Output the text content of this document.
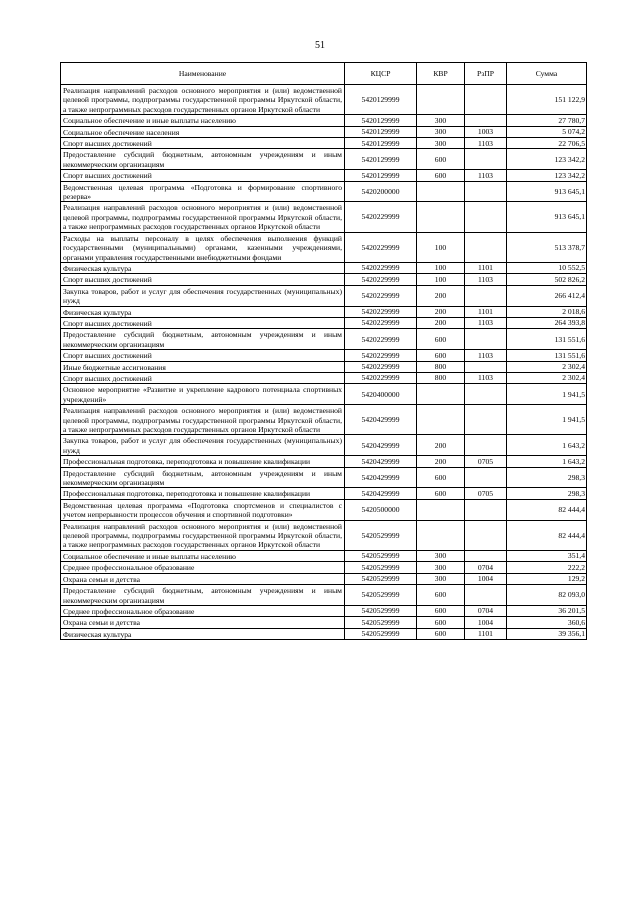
51
Наименование	КЦСР	КВР	РзПР	Сумма
Реализация направлений расходов основного мероприятия и (или) ведомственной целевой программы, подпрограммы государственной программы Иркутской области, а также непрограммных расходов государственных органов Иркутской области	5420129999			151 122,9
Социальное обеспечение и иные выплаты населению	5420129999	300		27 780,7
Социальное обеспечение населения	5420129999	300	1003	5 074,2
Спорт высших достижений	5420129999	300	1103	22 706,5
Предоставление субсидий бюджетным, автономным учреждениям и иным некоммерческим организациям	5420129999	600		123 342,2
Спорт высших достижений	5420129999	600	1103	123 342,2
Ведомственная целевая программа «Подготовка и формирование спортивного резерва»	5420200000			913 645,1
Реализация направлений расходов основного мероприятия и (или) ведомственной целевой программы, подпрограммы государственной программы Иркутской области, а также непрограммных расходов государственных органов Иркутской области	5420229999			913 645,1
Расходы на выплаты персоналу в целях обеспечения выполнения функций государственными (муниципальными) органами, казенными учреждениями, органами управления государственными внебюджетными фондами	5420229999	100		513 378,7
Физическая культура	5420229999	100	1101	10 552,5
Спорт высших достижений	5420229999	100	1103	502 826,2
Закупка товаров, работ и услуг для обеспечения государственных (муниципальных) нужд	5420229999	200		266 412,4
Физическая культура	5420229999	200	1101	2 018,6
Спорт высших достижений	5420229999	200	1103	264 393,8
Предоставление субсидий бюджетным, автономным учреждениям и иным некоммерческим организациям	5420229999	600		131 551,6
Спорт высших достижений	5420229999	600	1103	131 551,6
Иные бюджетные ассигнования	5420229999	800		2 302,4
Спорт высших достижений	5420229999	800	1103	2 302,4
Основное мероприятие «Развитие и укрепление кадрового потенциала спортивных учреждений»	5420400000			1 941,5
Реализация направлений расходов основного мероприятия и (или) ведомственной целевой программы, подпрограммы государственной программы Иркутской области, а также непрограммных расходов государственных органов Иркутской области	5420429999			1 941,5
Закупка товаров, работ и услуг для обеспечения государственных (муниципальных) нужд	5420429999	200		1 643,2
Профессиональная подготовка, переподготовка и повышение квалификации	5420429999	200	0705	1 643,2
Предоставление субсидий бюджетным, автономным учреждениям и иным некоммерческим организациям	5420429999	600		298,3
Профессиональная подготовка, переподготовка и повышение квалификации	5420429999	600	0705	298,3
Ведомственная целевая программа «Подготовка спортсменов и специалистов с учетом непрерывности процессов обучения и спортивной подготовки»	5420500000			82 444,4
Реализация направлений расходов основного мероприятия и (или) ведомственной целевой программы, подпрограммы государственной программы Иркутской области, а также непрограммных расходов государственных органов Иркутской области	5420529999			82 444,4
Социальное обеспечение и иные выплаты населению	5420529999	300		351,4
Среднее профессиональное образование	5420529999	300	0704	222,2
Охрана семьи и детства	5420529999	300	1004	129,2
Предоставление субсидий бюджетным, автономным учреждениям и иным некоммерческим организациям	5420529999	600		82 093,0
Среднее профессиональное образование	5420529999	600	0704	36 201,5
Охрана семьи и детства	5420529999	600	1004	360,6
Физическая культура	5420529999	600	1101	39 356,1
